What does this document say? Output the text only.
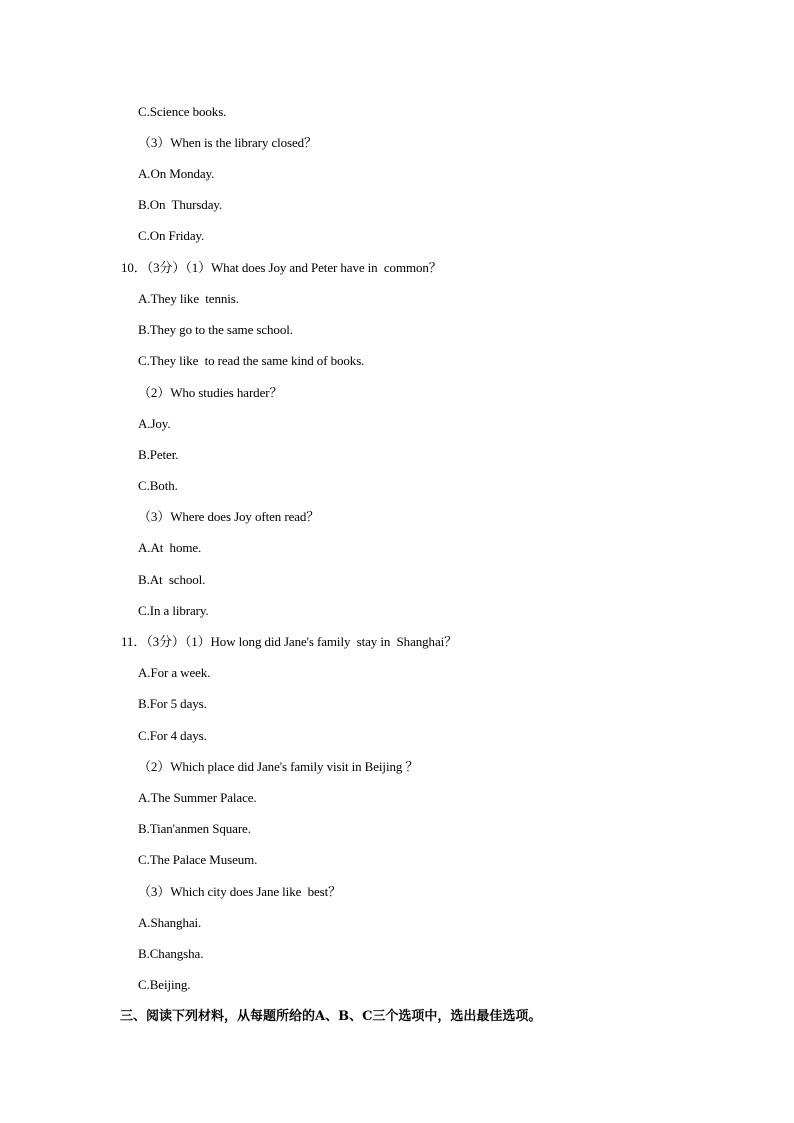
C.Science books.
（3）When is the library closed？
A.On Monday.
B.On  Thursday.
C.On Friday.
10．（3分）（1）What does Joy and Peter have in  common？
A.They like  tennis.
B.They go to the same school.
C.They like  to read the same kind of books.
（2）Who studies harder？
A.Joy.
B.Peter.
C.Both.
（3）Where does Joy often read？
A.At  home.
B.At  school.
C.In a library.
11．（3分）（1）How long did Jane's family  stay in  Shanghai？
A.For a week.
B.For 5 days.
C.For 4 days.
（2）Which place did Jane's family visit in Beijing ？
A.The Summer Palace.
B.Tian'anmen Square.
C.The Palace Museum.
（3）Which city does Jane like  best？
A.Shanghai.
B.Changsha.
C.Beijing.
三、阅读下列材料，从每题所给的A、B、C三个选项中，选出最佳选项。
